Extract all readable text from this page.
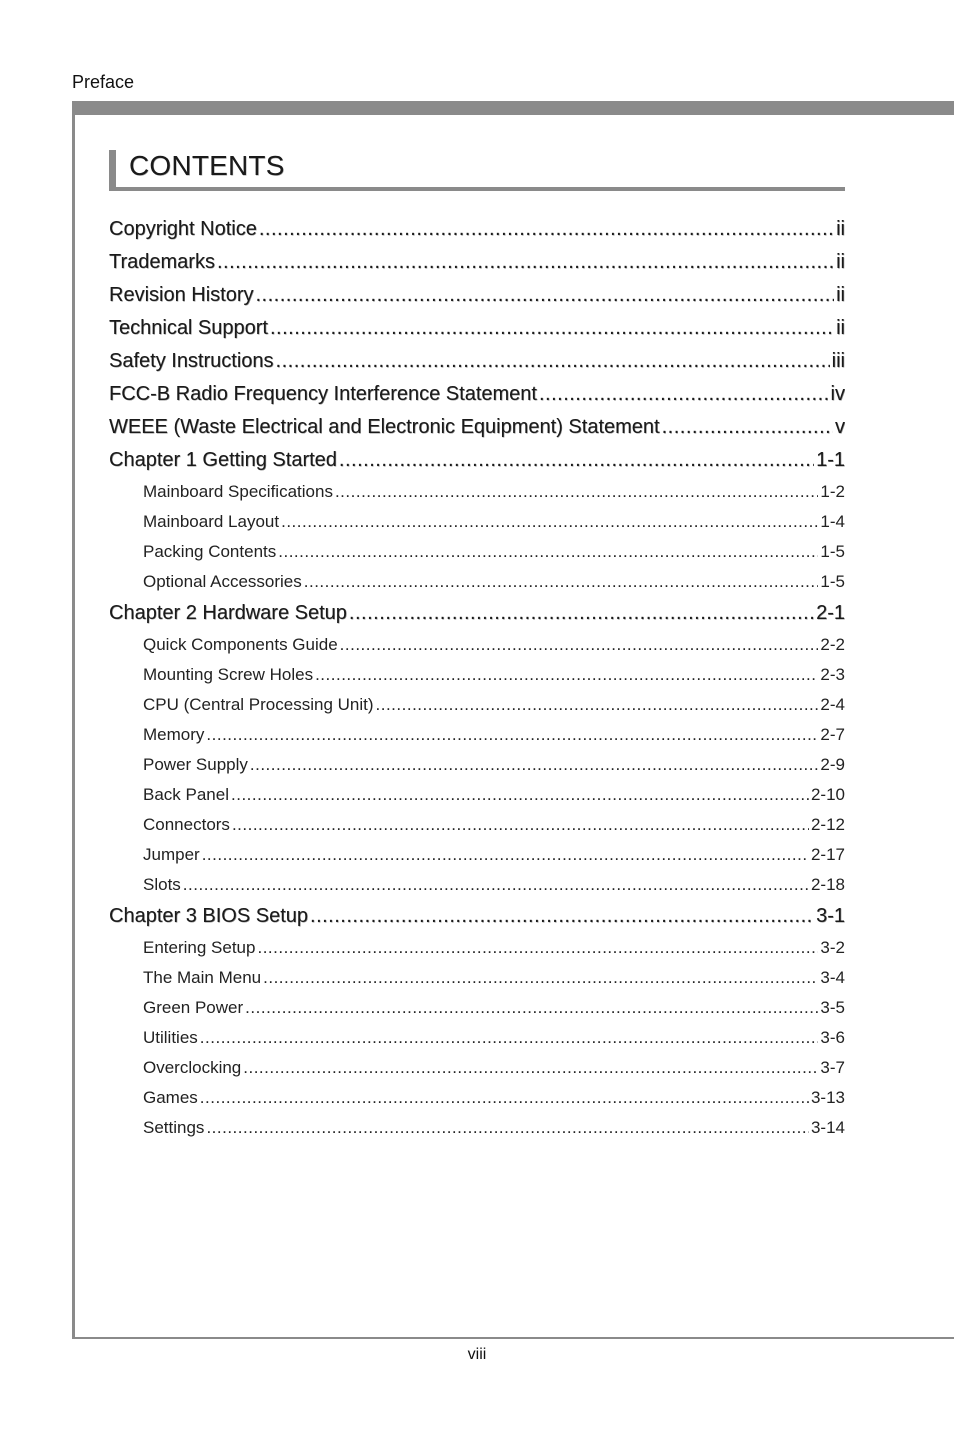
Preface
CONTENTS
Copyright Notice .....	ii
Trademarks .....	ii
Revision History .....	ii
Technical Support .....	ii
Safety Instructions .....	iii
FCC-B Radio Frequency Interference Statement .....	iv
WEEE (Waste Electrical and Electronic Equipment) Statement .....	v
Chapter 1 Getting Started .....	1-1
Mainboard Specifications .....	1-2
Mainboard Layout .....	1-4
Packing Contents .....	1-5
Optional Accessories .....	1-5
Chapter 2 Hardware Setup .....	2-1
Quick Components Guide .....	2-2
Mounting Screw Holes .....	2-3
CPU (Central Processing Unit) .....	2-4
Memory .....	2-7
Power Supply .....	2-9
Back Panel .....	2-10
Connectors .....	2-12
Jumper .....	2-17
Slots .....	2-18
Chapter 3 BIOS Setup .....	3-1
Entering Setup .....	3-2
The Main Menu .....	3-4
Green Power .....	3-5
Utilities .....	3-6
Overclocking .....	3-7
Games .....	3-13
Settings .....	3-14
viii
